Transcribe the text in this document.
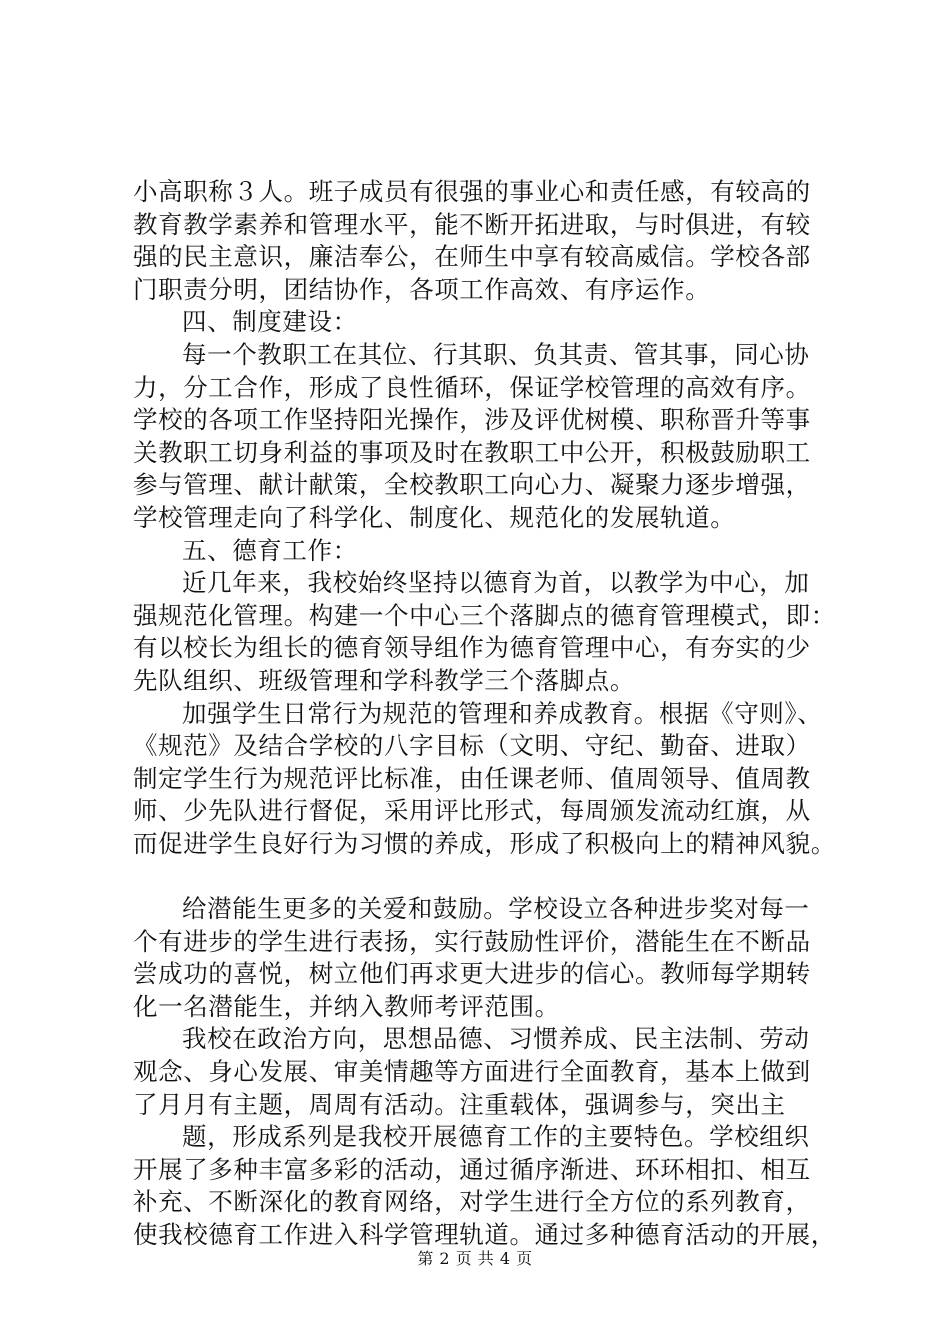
小高职称３人。班子成员有很强的事业心和责任感，有较高的
教育教学素养和管理水平，能不断开拓进取，与时俱进，有较
强的民主意识，廉洁奉公，在师生中享有较高威信。学校各部
门职责分明，团结协作，各项工作高效、有序运作。
四、制度建设：
每一个教职工在其位、行其职、负其责、管其事，同心协
力，分工合作，形成了良性循环，保证学校管理的高效有序。
学校的各项工作坚持阳光操作，涉及评优树模、职称晋升等事
关教职工切身利益的事项及时在教职工中公开，积极鼓励职工
参与管理、献计献策，全校教职工向心力、凝聚力逐步增强，
学校管理走向了科学化、制度化、规范化的发展轨道。
五、德育工作：
近几年来，我校始终坚持以德育为首，以教学为中心，加
强规范化管理。构建一个中心三个落脚点的德育管理模式，即：
有以校长为组长的德育领导组作为德育管理中心，有夯实的少
先队组织、班级管理和学科教学三个落脚点。
加强学生日常行为规范的管理和养成教育。根据《守则》、
《规范》及结合学校的八字目标（文明、守纪、勤奋、进取）
制定学生行为规范评比标准，由任课老师、值周领导、值周教
师、少先队进行督促，采用评比形式，每周颁发流动红旗，从
而促进学生良好行为习惯的养成，形成了积极向上的精神风貌。
给潜能生更多的关爱和鼓励。学校设立各种进步奖对每一
个有进步的学生进行表扬，实行鼓励性评价，潜能生在不断品
尝成功的喜悦，树立他们再求更大进步的信心。教师每学期转
化一名潜能生，并纳入教师考评范围。
我校在政治方向，思想品德、习惯养成、民主法制、劳动
观念、身心发展、审美情趣等方面进行全面教育，基本上做到
了月月有主题，周周有活动。注重载体，强调参与，突出主
题，形成系列是我校开展德育工作的主要特色。学校组织
开展了多种丰富多彩的活动，通过循序渐进、环环相扣、相互
补充、不断深化的教育网络，对学生进行全方位的系列教育，
使我校德育工作进入科学管理轨道。通过多种德育活动的开展，
第 2 页 共 4 页
